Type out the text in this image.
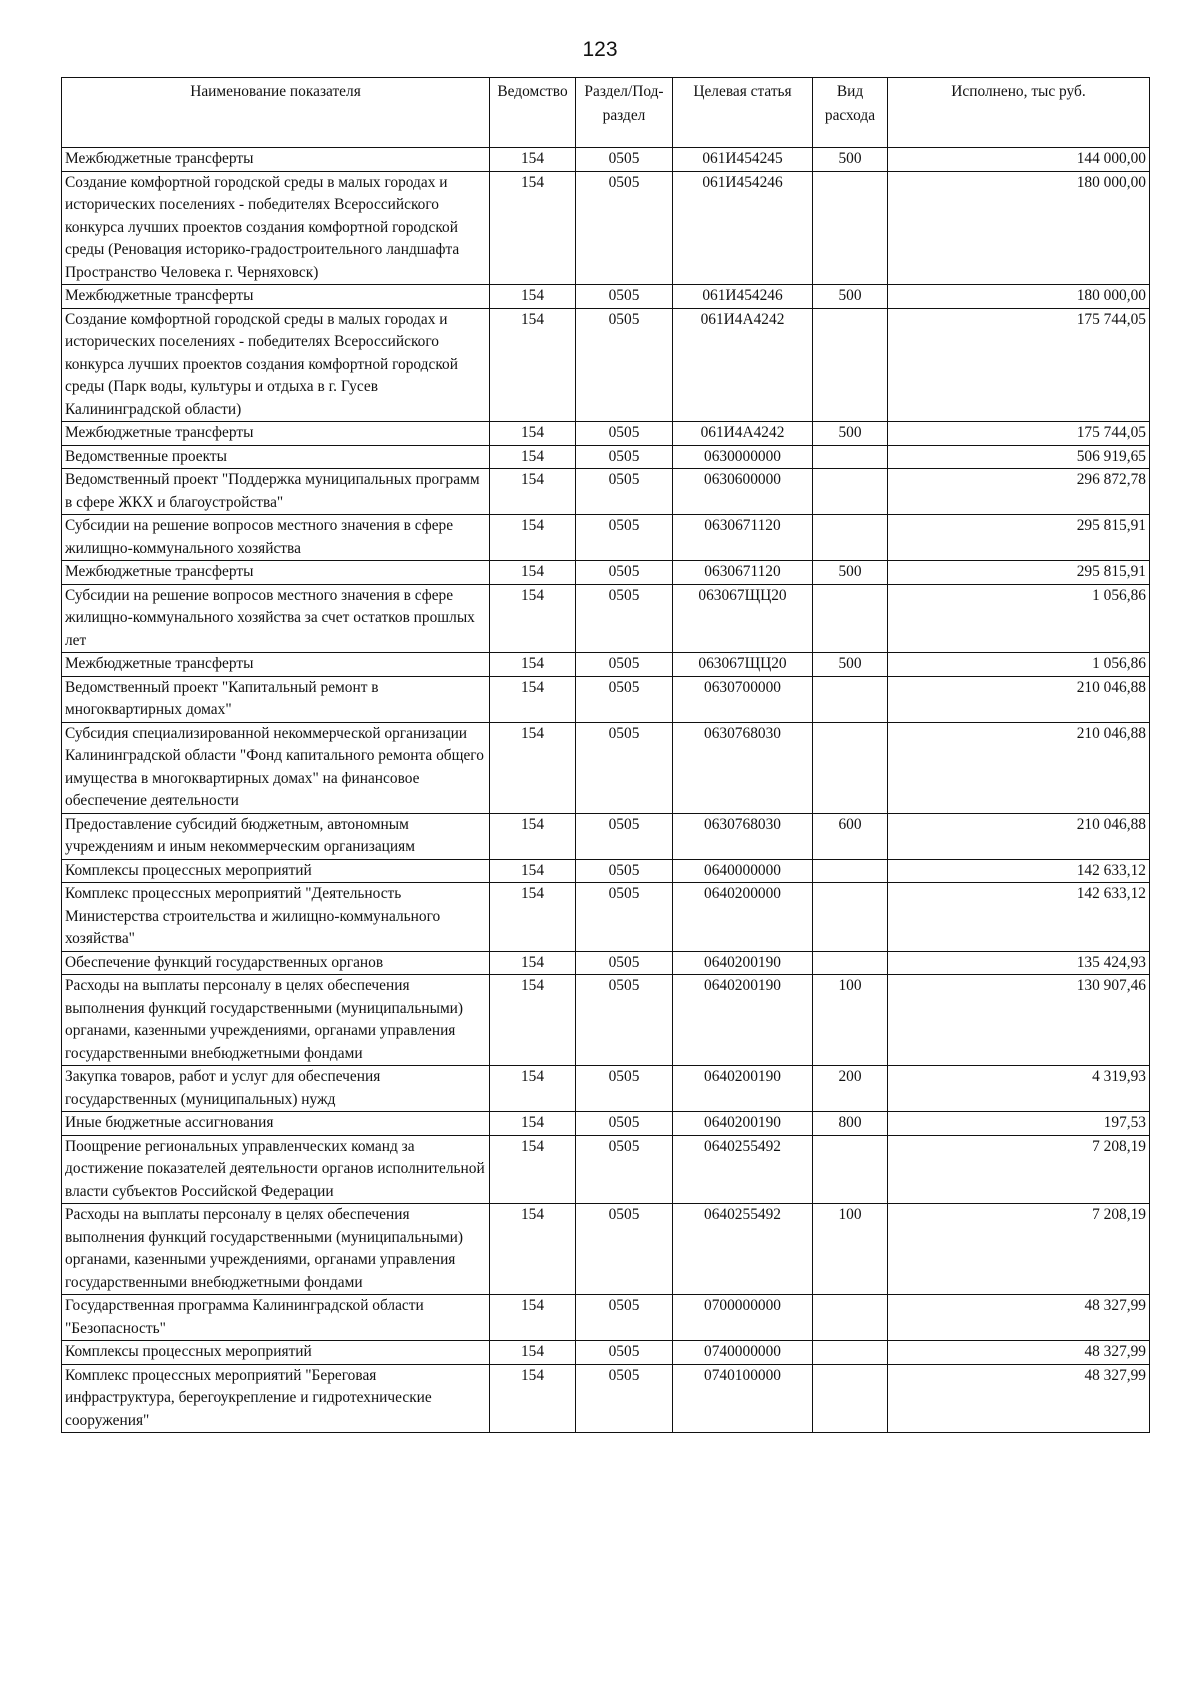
123
Наименование показателя	Ведомство	Раздел/Под-раздел	Целевая статья	Вид расхода	Исполнено, тыс руб.
Межбюджетные трансферты	154	0505	061И454245	500	144 000,00
Создание комфортной городской среды в малых городах и исторических поселениях - победителях Всероссийского конкурса лучших проектов создания комфортной городской среды (Реновация историко-градостроительного ландшафта Пространство Человека г. Черняховск)	154	0505	061И454246		180 000,00
Межбюджетные трансферты	154	0505	061И454246	500	180 000,00
Создание комфортной городской среды в малых городах и исторических поселениях - победителях Всероссийского конкурса лучших проектов создания комфортной городской среды (Парк воды, культуры и отдыха в г. Гусев Калининградской области)	154	0505	061И4А4242		175 744,05
Межбюджетные трансферты	154	0505	061И4А4242	500	175 744,05
Ведомственные проекты	154	0505	0630000000		506 919,65
Ведомственный проект "Поддержка муниципальных программ в сфере ЖКХ и благоустройства"	154	0505	0630600000		296 872,78
Субсидии на решение вопросов местного значения в сфере жилищно-коммунального хозяйства	154	0505	0630671120		295 815,91
Межбюджетные трансферты	154	0505	0630671120	500	295 815,91
Субсидии на решение вопросов местного значения в сфере жилищно-коммунального хозяйства за счет остатков прошлых лет	154	0505	063067ЩЦ20		1 056,86
Межбюджетные трансферты	154	0505	063067ЩЦ20	500	1 056,86
Ведомственный проект "Капитальный ремонт в многоквартирных домах"	154	0505	0630700000		210 046,88
Субсидия специализированной некоммерческой организации Калининградской области "Фонд капитального ремонта общего имущества в многоквартирных домах" на финансовое обеспечение деятельности	154	0505	0630768030		210 046,88
Предоставление субсидий бюджетным, автономным учреждениям и иным некоммерческим организациям	154	0505	0630768030	600	210 046,88
Комплексы процессных мероприятий	154	0505	0640000000		142 633,12
Комплекс процессных мероприятий "Деятельность Министерства строительства и жилищно-коммунального хозяйства"	154	0505	0640200000		142 633,12
Обеспечение функций государственных органов	154	0505	0640200190		135 424,93
Расходы на выплаты персоналу в целях обеспечения выполнения функций государственными (муниципальными) органами, казенными учреждениями, органами управления государственными внебюджетными фондами	154	0505	0640200190	100	130 907,46
Закупка товаров, работ и услуг для обеспечения государственных (муниципальных) нужд	154	0505	0640200190	200	4 319,93
Иные бюджетные ассигнования	154	0505	0640200190	800	197,53
Поощрение региональных управленческих команд за достижение показателей деятельности органов исполнительной власти субъектов Российской Федерации	154	0505	0640255492		7 208,19
Расходы на выплаты персоналу в целях обеспечения выполнения функций государственными (муниципальными) органами, казенными учреждениями, органами управления государственными внебюджетными фондами	154	0505	0640255492	100	7 208,19
Государственная программа Калининградской области "Безопасность"	154	0505	0700000000		48 327,99
Комплексы процессных мероприятий	154	0505	0740000000		48 327,99
Комплекс процессных мероприятий "Береговая инфраструктура, берегоукрепление и гидротехнические сооружения"	154	0505	0740100000		48 327,99
